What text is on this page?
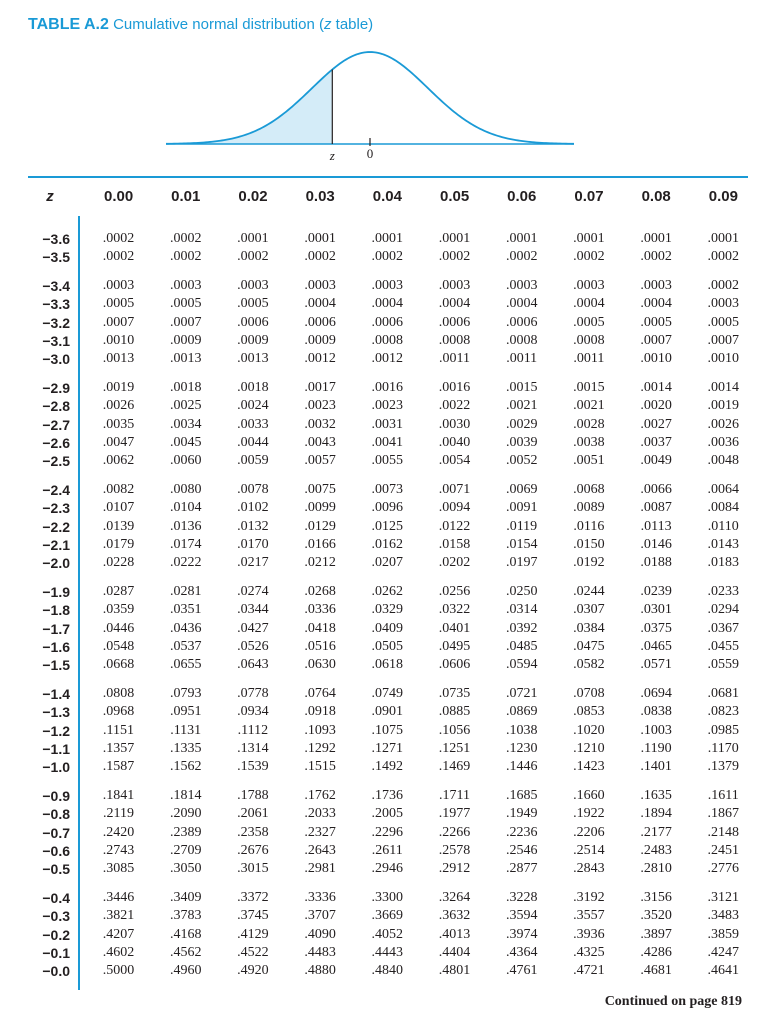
TABLE A.2 Cumulative normal distribution (z table)
z 0
z	0.00	0.01	0.02	0.03	0.04	0.05	0.06	0.07	0.08	0.09
−3.6	.0002	.0002	.0001	.0001	.0001	.0001	.0001	.0001	.0001	.0001
−3.5	.0002	.0002	.0002	.0002	.0002	.0002	.0002	.0002	.0002	.0002
−3.4	.0003	.0003	.0003	.0003	.0003	.0003	.0003	.0003	.0003	.0002
−3.3	.0005	.0005	.0005	.0004	.0004	.0004	.0004	.0004	.0004	.0003
−3.2	.0007	.0007	.0006	.0006	.0006	.0006	.0006	.0005	.0005	.0005
−3.1	.0010	.0009	.0009	.0009	.0008	.0008	.0008	.0008	.0007	.0007
−3.0	.0013	.0013	.0013	.0012	.0012	.0011	.0011	.0011	.0010	.0010
−2.9	.0019	.0018	.0018	.0017	.0016	.0016	.0015	.0015	.0014	.0014
−2.8	.0026	.0025	.0024	.0023	.0023	.0022	.0021	.0021	.0020	.0019
−2.7	.0035	.0034	.0033	.0032	.0031	.0030	.0029	.0028	.0027	.0026
−2.6	.0047	.0045	.0044	.0043	.0041	.0040	.0039	.0038	.0037	.0036
−2.5	.0062	.0060	.0059	.0057	.0055	.0054	.0052	.0051	.0049	.0048
−2.4	.0082	.0080	.0078	.0075	.0073	.0071	.0069	.0068	.0066	.0064
−2.3	.0107	.0104	.0102	.0099	.0096	.0094	.0091	.0089	.0087	.0084
−2.2	.0139	.0136	.0132	.0129	.0125	.0122	.0119	.0116	.0113	.0110
−2.1	.0179	.0174	.0170	.0166	.0162	.0158	.0154	.0150	.0146	.0143
−2.0	.0228	.0222	.0217	.0212	.0207	.0202	.0197	.0192	.0188	.0183
−1.9	.0287	.0281	.0274	.0268	.0262	.0256	.0250	.0244	.0239	.0233
−1.8	.0359	.0351	.0344	.0336	.0329	.0322	.0314	.0307	.0301	.0294
−1.7	.0446	.0436	.0427	.0418	.0409	.0401	.0392	.0384	.0375	.0367
−1.6	.0548	.0537	.0526	.0516	.0505	.0495	.0485	.0475	.0465	.0455
−1.5	.0668	.0655	.0643	.0630	.0618	.0606	.0594	.0582	.0571	.0559
−1.4	.0808	.0793	.0778	.0764	.0749	.0735	.0721	.0708	.0694	.0681
−1.3	.0968	.0951	.0934	.0918	.0901	.0885	.0869	.0853	.0838	.0823
−1.2	.1151	.1131	.1112	.1093	.1075	.1056	.1038	.1020	.1003	.0985
−1.1	.1357	.1335	.1314	.1292	.1271	.1251	.1230	.1210	.1190	.1170
−1.0	.1587	.1562	.1539	.1515	.1492	.1469	.1446	.1423	.1401	.1379
−0.9	.1841	.1814	.1788	.1762	.1736	.1711	.1685	.1660	.1635	.1611
−0.8	.2119	.2090	.2061	.2033	.2005	.1977	.1949	.1922	.1894	.1867
−0.7	.2420	.2389	.2358	.2327	.2296	.2266	.2236	.2206	.2177	.2148
−0.6	.2743	.2709	.2676	.2643	.2611	.2578	.2546	.2514	.2483	.2451
−0.5	.3085	.3050	.3015	.2981	.2946	.2912	.2877	.2843	.2810	.2776
−0.4	.3446	.3409	.3372	.3336	.3300	.3264	.3228	.3192	.3156	.3121
−0.3	.3821	.3783	.3745	.3707	.3669	.3632	.3594	.3557	.3520	.3483
−0.2	.4207	.4168	.4129	.4090	.4052	.4013	.3974	.3936	.3897	.3859
−0.1	.4602	.4562	.4522	.4483	.4443	.4404	.4364	.4325	.4286	.4247
−0.0	.5000	.4960	.4920	.4880	.4840	.4801	.4761	.4721	.4681	.4641
Continued on page 819
